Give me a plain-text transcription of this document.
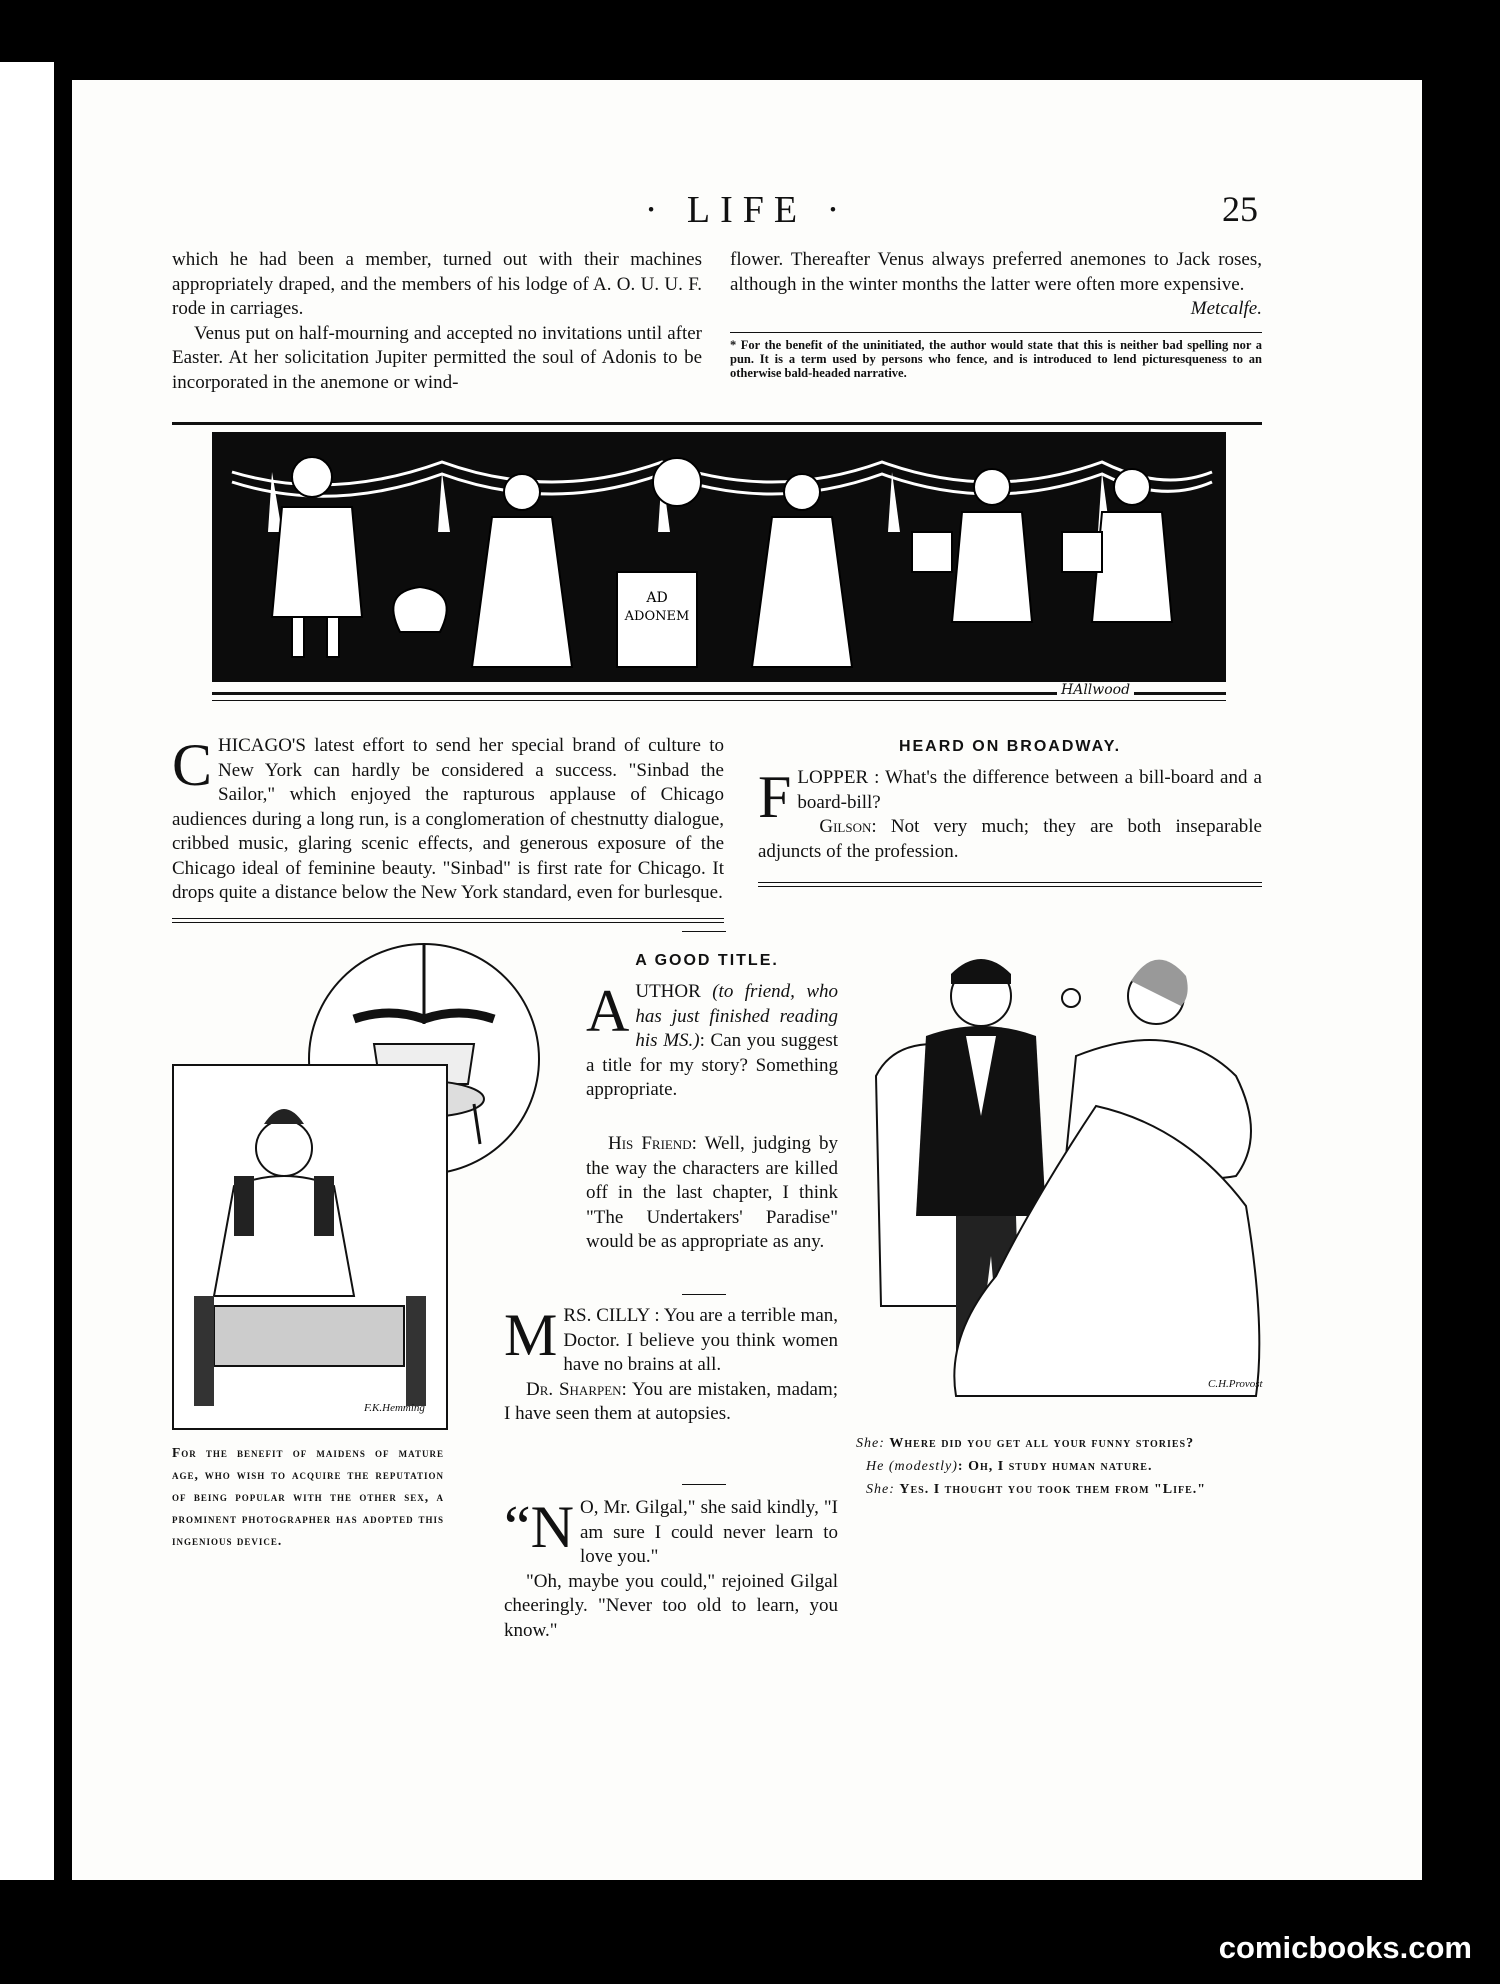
· LIFE ·	25

which he had been a member, turned out with their machines appropriately draped, and the members of his lodge of A. O. U. U. F. rode in carriages.

Venus put on half-mourning and accepted no invitations until after Easter. At her solicitation Jupiter permitted the soul of Adonis to be incorporated in the anemone or wind-

flower. Thereafter Venus always preferred anemones to Jack roses, although in the winter months the latter were often more expensive.
Metcalfe.

* For the benefit of the uninitiated, the author would state that this is neither bad spelling nor a pun. It is a term used by persons who fence, and is introduced to lend picturesqueness to an otherwise bald-headed narrative.
AD
ADONEM
HAllwood

CHICAGO'S latest effort to send her special brand of culture to New York can hardly be considered a success. "Sinbad the Sailor," which enjoyed the rapturous applause of Chicago audiences during a long run, is a conglomeration of chestnutty dialogue, cribbed music, glaring scenic effects, and generous exposure of the Chicago ideal of feminine beauty. "Sinbad" is first rate for Chicago. It drops quite a distance below the New York standard, even for burlesque.

HEARD ON BROADWAY.

FLOPPER : What's the difference between a bill-board and a board-bill?

Gilson: Not very much; they are both inseparable adjuncts of the profession.

F.K.Hemming
For the benefit of maidens of mature age, who wish to acquire the reputation of being popular with the other sex, a prominent photographer has adopted this ingenious device.
A GOOD TITLE.

AUTHOR (to friend, who has just finished reading his MS.): Can you suggest a title for my story? Something appropriate.

His Friend: Well, judging by the way the characters are killed off in the last chapter, I think "The Undertakers' Paradise" would be as appropriate as any.

MRS. CILLY : You are a terrible man, Doctor. I believe you think women have no brains at all.

Dr. Sharpen: You are mistaken, madam; I have seen them at autopsies.

“N O, Mr. Gilgal," she said kindly, "I am sure I could never learn to love you."

"Oh, maybe you could," rejoined Gilgal cheeringly. "Never too old to learn, you know."

C.H.Provost

She: Where did you get all your funny stories?

He (modestly): Oh, I study human nature.

She: Yes. I thought you took them from "Life."

comicbooks.com
